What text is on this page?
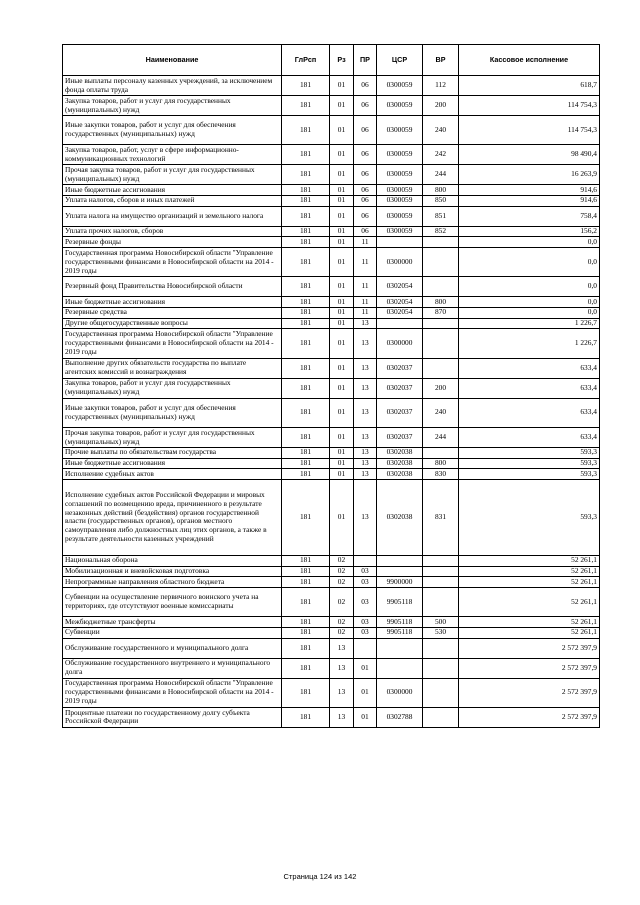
Наименование	ГлРсп	Рз	ПР	ЦСР	ВР	Кассовое исполнение
Иные выплаты персоналу казенных учреждений, за исключением фонда оплаты труда	181	01	06	0300059	112	618,7
Закупка товаров, работ и услуг для государственных (муниципальных) нужд	181	01	06	0300059	200	114 754,3
Иные закупки товаров, работ и услуг для обеспечения государственных (муниципальных) нужд	181	01	06	0300059	240	114 754,3
Закупка товаров, работ, услуг в сфере информационно-коммуникационных технологий	181	01	06	0300059	242	98 490,4
Прочая закупка товаров, работ и услуг для государственных (муниципальных) нужд	181	01	06	0300059	244	16 263,9
Иные бюджетные ассигнования	181	01	06	0300059	800	914,6
Уплата налогов, сборов и иных платежей	181	01	06	0300059	850	914,6
Уплата налога на имущество организаций и земельного налога	181	01	06	0300059	851	758,4
Уплата прочих налогов, сборов	181	01	06	0300059	852	156,2
Резервные фонды	181	01	11			0,0
Государственная программа Новосибирской области "Управление государственными финансами в Новосибирской области на 2014 - 2019 годы	181	01	11	0300000		0,0
Резервный фонд Правительства Новосибирской области	181	01	11	0302054		0,0
Иные бюджетные ассигнования	181	01	11	0302054	800	0,0
Резервные средства	181	01	11	0302054	870	0,0
Другие общегосударственные вопросы	181	01	13			1 226,7
Государственная программа Новосибирской области "Управление государственными финансами в Новосибирской области на 2014 - 2019 годы	181	01	13	0300000		1 226,7
Выполнение других обязательств государства по выплате агентских комиссий и вознаграждения	181	01	13	0302037		633,4
Закупка товаров, работ и услуг для государственных (муниципальных) нужд	181	01	13	0302037	200	633,4
Иные закупки товаров, работ и услуг для обеспечения государственных (муниципальных) нужд	181	01	13	0302037	240	633,4
Прочая закупка товаров, работ и услуг для государственных (муниципальных) нужд	181	01	13	0302037	244	633,4
Прочие выплаты по обязательствам государства	181	01	13	0302038		593,3
Иные бюджетные ассигнования	181	01	13	0302038	800	593,3
Исполнение судебных актов	181	01	13	0302038	830	593,3
Исполнение судебных актов Российской Федерации и мировых соглашений по возмещению вреда, причиненного в результате незаконных действий (бездействия) органов государственной власти (государственных органов), органов местного самоуправления либо должностных лиц этих органов, а также в результате деятельности казенных учреждений	181	01	13	0302038	831	593,3
Национальная оборона	181	02				52 261,1
Мобилизационная и вневойсковая подготовка	181	02	03			52 261,1
Непрограммные направления областного бюджета	181	02	03	9900000		52 261,1
Субвенции на осуществление первичного воинского учета на территориях, где отсутствуют военные комиссариаты	181	02	03	9905118		52 261,1
Межбюджетные трансферты	181	02	03	9905118	500	52 261,1
Субвенции	181	02	03	9905118	530	52 261,1
Обслуживание государственного и муниципального долга	181	13				2 572 397,9
Обслуживание государственного внутреннего и муниципального долга	181	13	01			2 572 397,9
Государственная программа Новосибирской области "Управление государственными финансами в Новосибирской области на 2014 - 2019 годы	181	13	01	0300000		2 572 397,9
Процентные платежи по государственному долгу субъекта Российской Федерации	181	13	01	0302788		2 572 397,9
Страница 124 из 142
